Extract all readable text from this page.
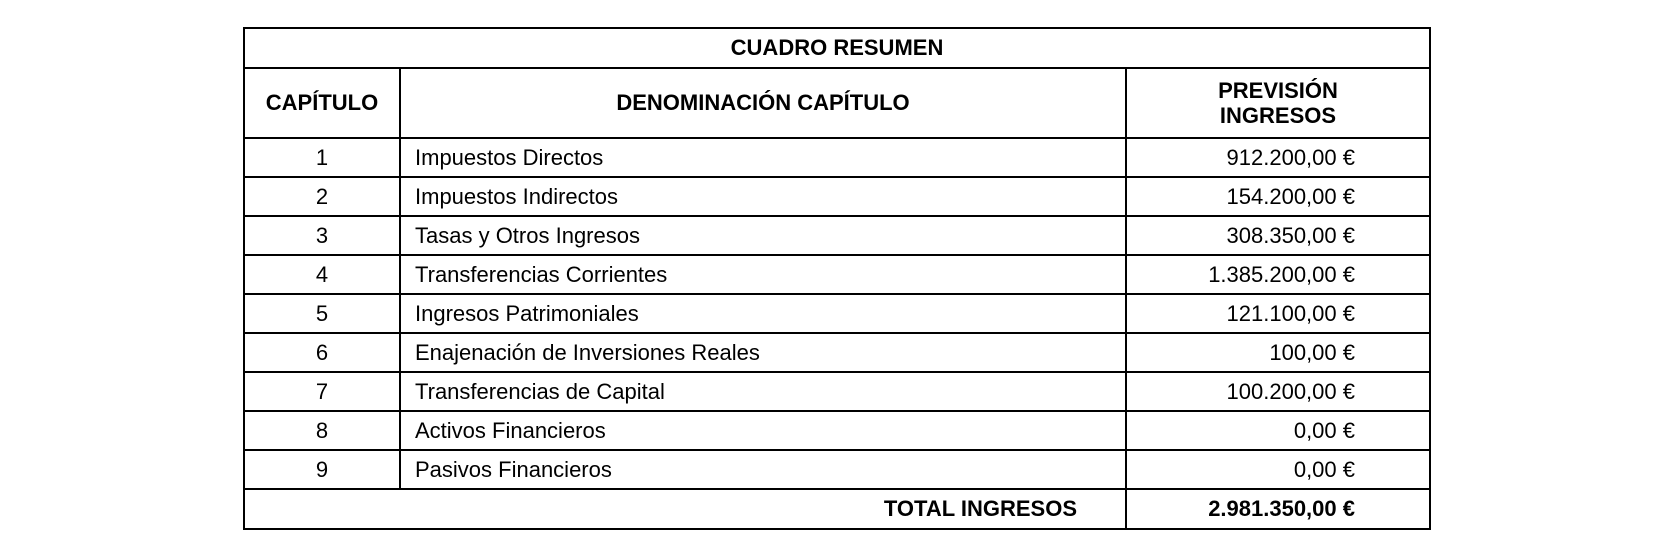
CUADRO RESUMEN		
CAPÍTULO	DENOMINACIÓN CAPÍTULO	PREVISIÓN
INGRESOS
1	Impuestos Directos	912.200,00 €
2	Impuestos Indirectos	154.200,00 €
3	Tasas y Otros Ingresos	308.350,00 €
4	Transferencias Corrientes	1.385.200,00 €
5	Ingresos Patrimoniales	121.100,00 €
6	Enajenación de Inversiones Reales	100,00 €
7	Transferencias de Capital	100.200,00 €
8	Activos Financieros	0,00 €
9	Pasivos Financieros	0,00 €
TOTAL INGRESOS		2.981.350,00 €
